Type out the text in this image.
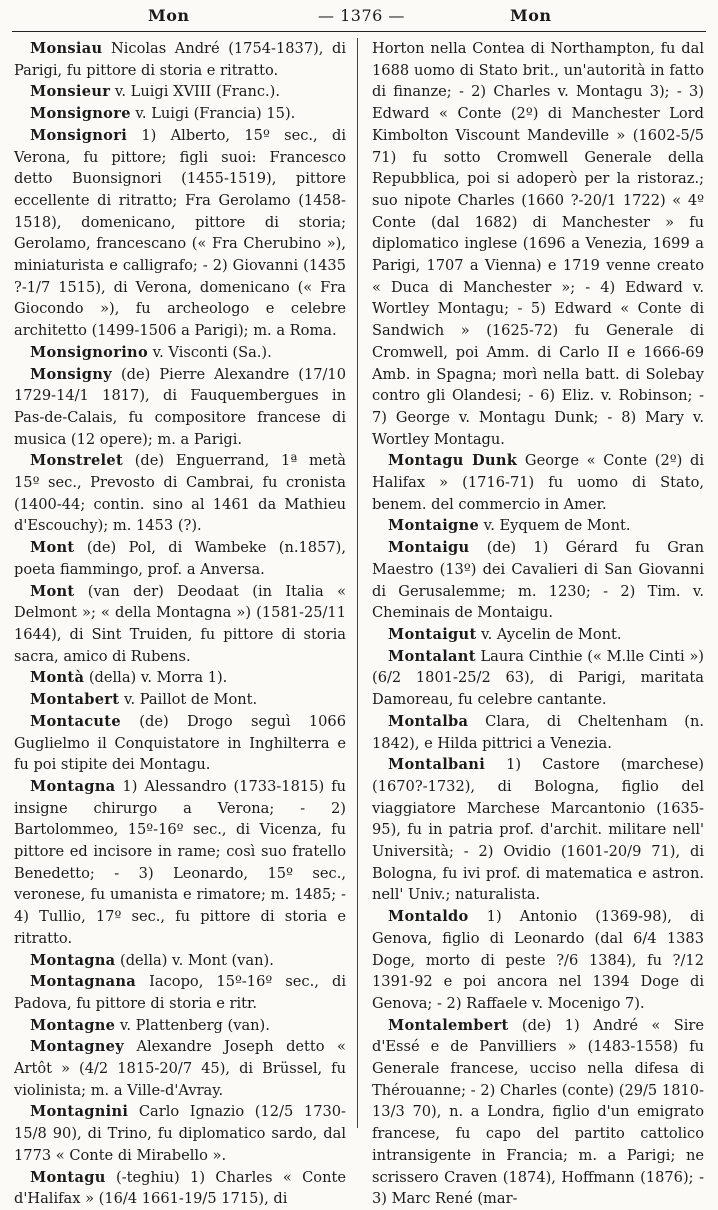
Mon	— 1376 —	Mon

Monsiau Nicolas André (1754-1837), di Parigi, fu pittore di storia e ritratto.

Monsieur v. Luigi XVIII (Franc.).

Monsignore v. Luigi (Francia) 15).

Monsignori 1) Alberto, 15º sec., di Verona, fu pittore; figli suoi: Francesco detto Buonsignori (1455-1519), pittore eccellente di ritratto; Fra Gerolamo (1458-1518), domenicano, pittore di storia; Gerolamo, francescano (« Fra Cherubino »), miniaturista e calligrafo; - 2) Giovanni (1435 ?-1/7 1515), di Verona, domenicano (« Fra Giocondo »), fu archeologo e celebre architetto (1499-1506 a Parigi); m. a Roma.

Monsignorino v. Visconti (Sa.).

Monsigny (de) Pierre Alexandre (17/10 1729-14/1 1817), di Fauquembergues in Pas-de-Calais, fu compositore francese di musica (12 opere); m. a Parigi.

Monstrelet (de) Enguerrand, 1ª metà 15º sec., Prevosto di Cambrai, fu cronista (1400-44; contin. sino al 1461 da Mathieu d'Escouchy); m. 1453 (?).

Mont (de) Pol, di Wambeke (n.1857), poeta fiammingo, prof. a Anversa.

Mont (van der) Deodaat (in Italia « Delmont »; « della Montagna ») (1581-25/11 1644), di Sint Truiden, fu pittore di storia sacra, amico di Rubens.

Montà (della) v. Morra 1).

Montabert v. Paillot de Mont.

Montacute (de) Drogo seguì 1066 Guglielmo il Conquistatore in Inghilterra e fu poi stipite dei Montagu.

Montagna 1) Alessandro (1733-1815) fu insigne chirurgo a Verona; - 2) Bartolommeo, 15º-16º sec., di Vicenza, fu pittore ed incisore in rame; così suo fratello Benedetto; - 3) Leonardo, 15º sec., veronese, fu umanista e rimatore; m. 1485; - 4) Tullio, 17º sec., fu pittore di storia e ritratto.

Montagna (della) v. Mont (van).

Montagnana Iacopo, 15º-16º sec., di Padova, fu pittore di storia e ritr.

Montagne v. Plattenberg (van).

Montagney Alexandre Joseph detto « Artôt » (4/2 1815-20/7 45), di Brüssel, fu violinista; m. a Ville-d'Avray.

Montagnini Carlo Ignazio (12/5 1730-15/8 90), di Trino, fu diplomatico sardo, dal 1773 « Conte di Mirabello ».

Montagu (-teghiu) 1) Charles « Conte d'Halifax » (16/4 1661-19/5 1715), di

Horton nella Contea di Northampton, fu dal 1688 uomo di Stato brit., un'autorità in fatto di finanze; - 2) Charles v. Montagu 3); - 3) Edward « Conte (2º) di Manchester Lord Kimbolton Viscount Mandeville » (1602-5/5 71) fu sotto Cromwell Generale della Repubblica, poi si adoperò per la ristoraz.; suo nipote Charles (1660 ?-20/1 1722) « 4º Conte (dal 1682) di Manchester » fu diplomatico inglese (1696 a Venezia, 1699 a Parigi, 1707 a Vienna) e 1719 venne creato « Duca di Manchester »; - 4) Edward v. Wortley Montagu; - 5) Edward « Conte di Sandwich » (1625-72) fu Generale di Cromwell, poi Amm. di Carlo II e 1666-69 Amb. in Spagna; morì nella batt. di Solebay contro gli Olandesi; - 6) Eliz. v. Robinson; - 7) George v. Montagu Dunk; - 8) Mary v. Wortley Montagu.

Montagu Dunk George « Conte (2º) di Halifax » (1716-71) fu uomo di Stato, benem. del commercio in Amer.

Montaigne v. Eyquem de Mont.

Montaigu (de) 1) Gérard fu Gran Maestro (13º) dei Cavalieri di San Giovanni di Gerusalemme; m. 1230; - 2) Tim. v. Cheminais de Montaigu.

Montaigut v. Aycelin de Mont.

Montalant Laura Cinthie (« M.lle Cinti ») (6/2 1801-25/2 63), di Parigi, maritata Damoreau, fu celebre cantante.

Montalba Clara, di Cheltenham (n. 1842), e Hilda pittrici a Venezia.

Montalbani 1) Castore (marchese) (1670?-1732), di Bologna, figlio del viaggiatore Marchese Marcantonio (1635-95), fu in patria prof. d'archit. militare nell' Università; - 2) Ovidio (1601-20/9 71), di Bologna, fu ivi prof. di matematica e astron. nell' Univ.; naturalista.

Montaldo 1) Antonio (1369-98), di Genova, figlio di Leonardo (dal 6/4 1383 Doge, morto di peste ?/6 1384), fu ?/12 1391-92 e poi ancora nel 1394 Doge di Genova; - 2) Raffaele v. Mocenigo 7).

Montalembert (de) 1) André « Sire d'Essé e de Panvilliers » (1483-1558) fu Generale francese, ucciso nella difesa di Thérouanne; - 2) Charles (conte) (29/5 1810-13/3 70), n. a Londra, figlio d'un emigrato francese, fu capo del partito cattolico intransigente in Francia; m. a Parigi; ne scrissero Craven (1874), Hoffmann (1876); - 3) Marc René (mar-
